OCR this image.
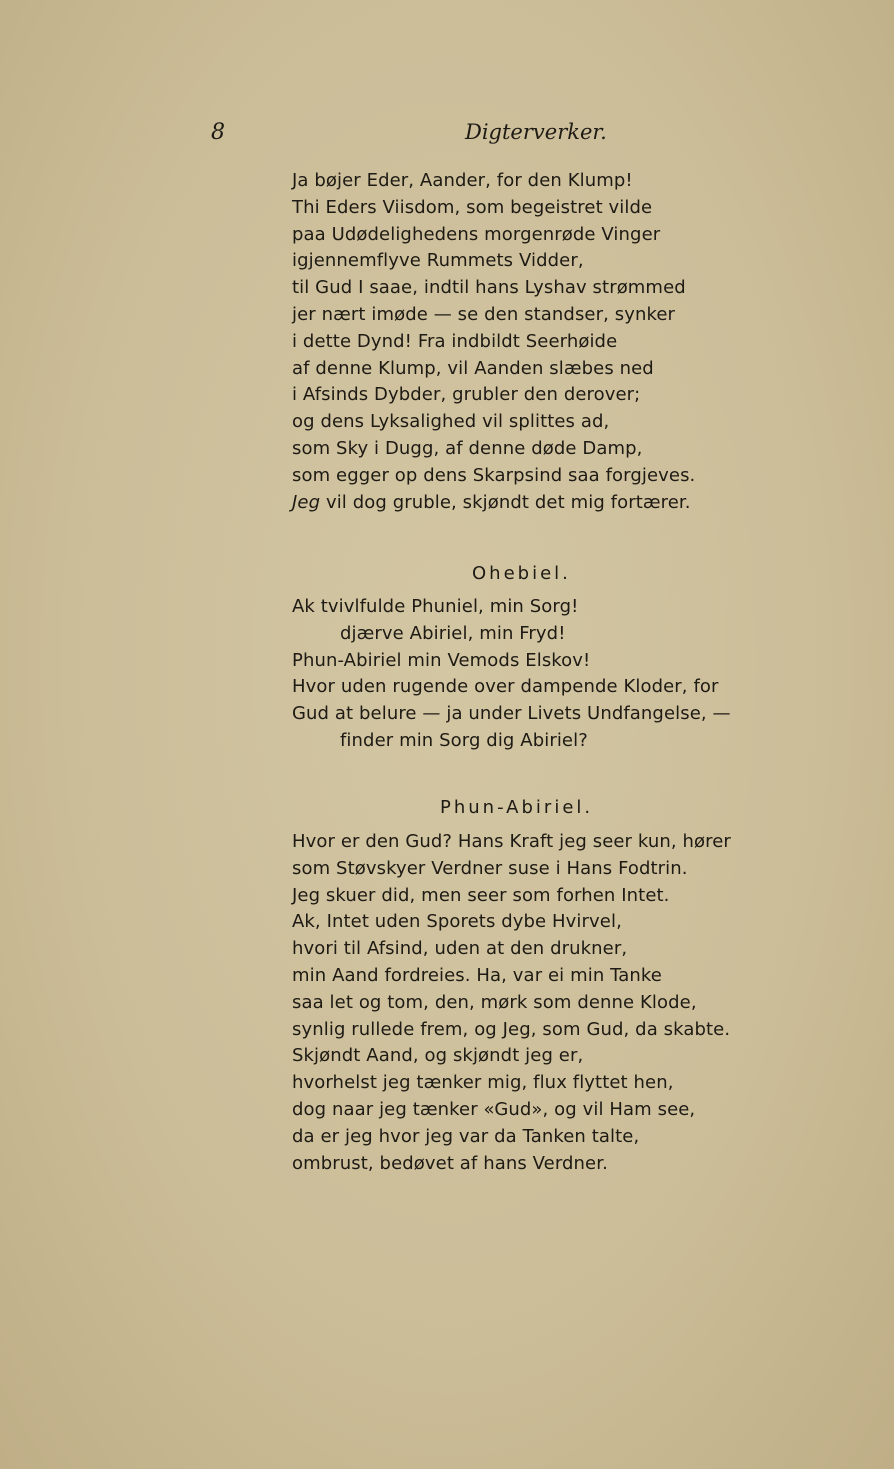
8	Digterverker.
Ja bøjer Eder, Aander, for den Klump!
Thi Eders Viisdom, som begeistret vilde
paa Udødelighedens morgenrøde Vinger
igjennemflyve Rummets Vidder,
til Gud I saae, indtil hans Lyshav strømmed
jer nært imøde — se den standser, synker
i dette Dynd! Fra indbildt Seerhøide
af denne Klump, vil Aanden slæbes ned
i Afsinds Dybder, grubler den derover;
og dens Lyksalighed vil splittes ad,
som Sky i Dugg, af denne døde Damp,
som egger op dens Skarpsind saa forgjeves.
Jeg vil dog gruble, skjøndt det mig fortærer.
Ohebiel.
Ak tvivlfulde Phuniel, min Sorg!
djærve Abiriel, min Fryd!
Phun-Abiriel min Vemods Elskov!
Hvor uden rugende over dampende Kloder, for
Gud at belure — ja under Livets Undfangelse, —
finder min Sorg dig Abiriel?
Phun-Abiriel.
Hvor er den Gud? Hans Kraft jeg seer kun, hører
som Støvskyer Verdner suse i Hans Fodtrin.
Jeg skuer did, men seer som forhen Intet.
Ak, Intet uden Sporets dybe Hvirvel,
hvori til Afsind, uden at den drukner,
min Aand fordreies. Ha, var ei min Tanke
saa let og tom, den, mørk som denne Klode,
synlig rullede frem, og Jeg, som Gud, da skabte.
Skjøndt Aand, og skjøndt jeg er,
hvorhelst jeg tænker mig, flux flyttet hen,
dog naar jeg tænker «Gud», og vil Ham see,
da er jeg hvor jeg var da Tanken talte,
ombrust, bedøvet af hans Verdner.
